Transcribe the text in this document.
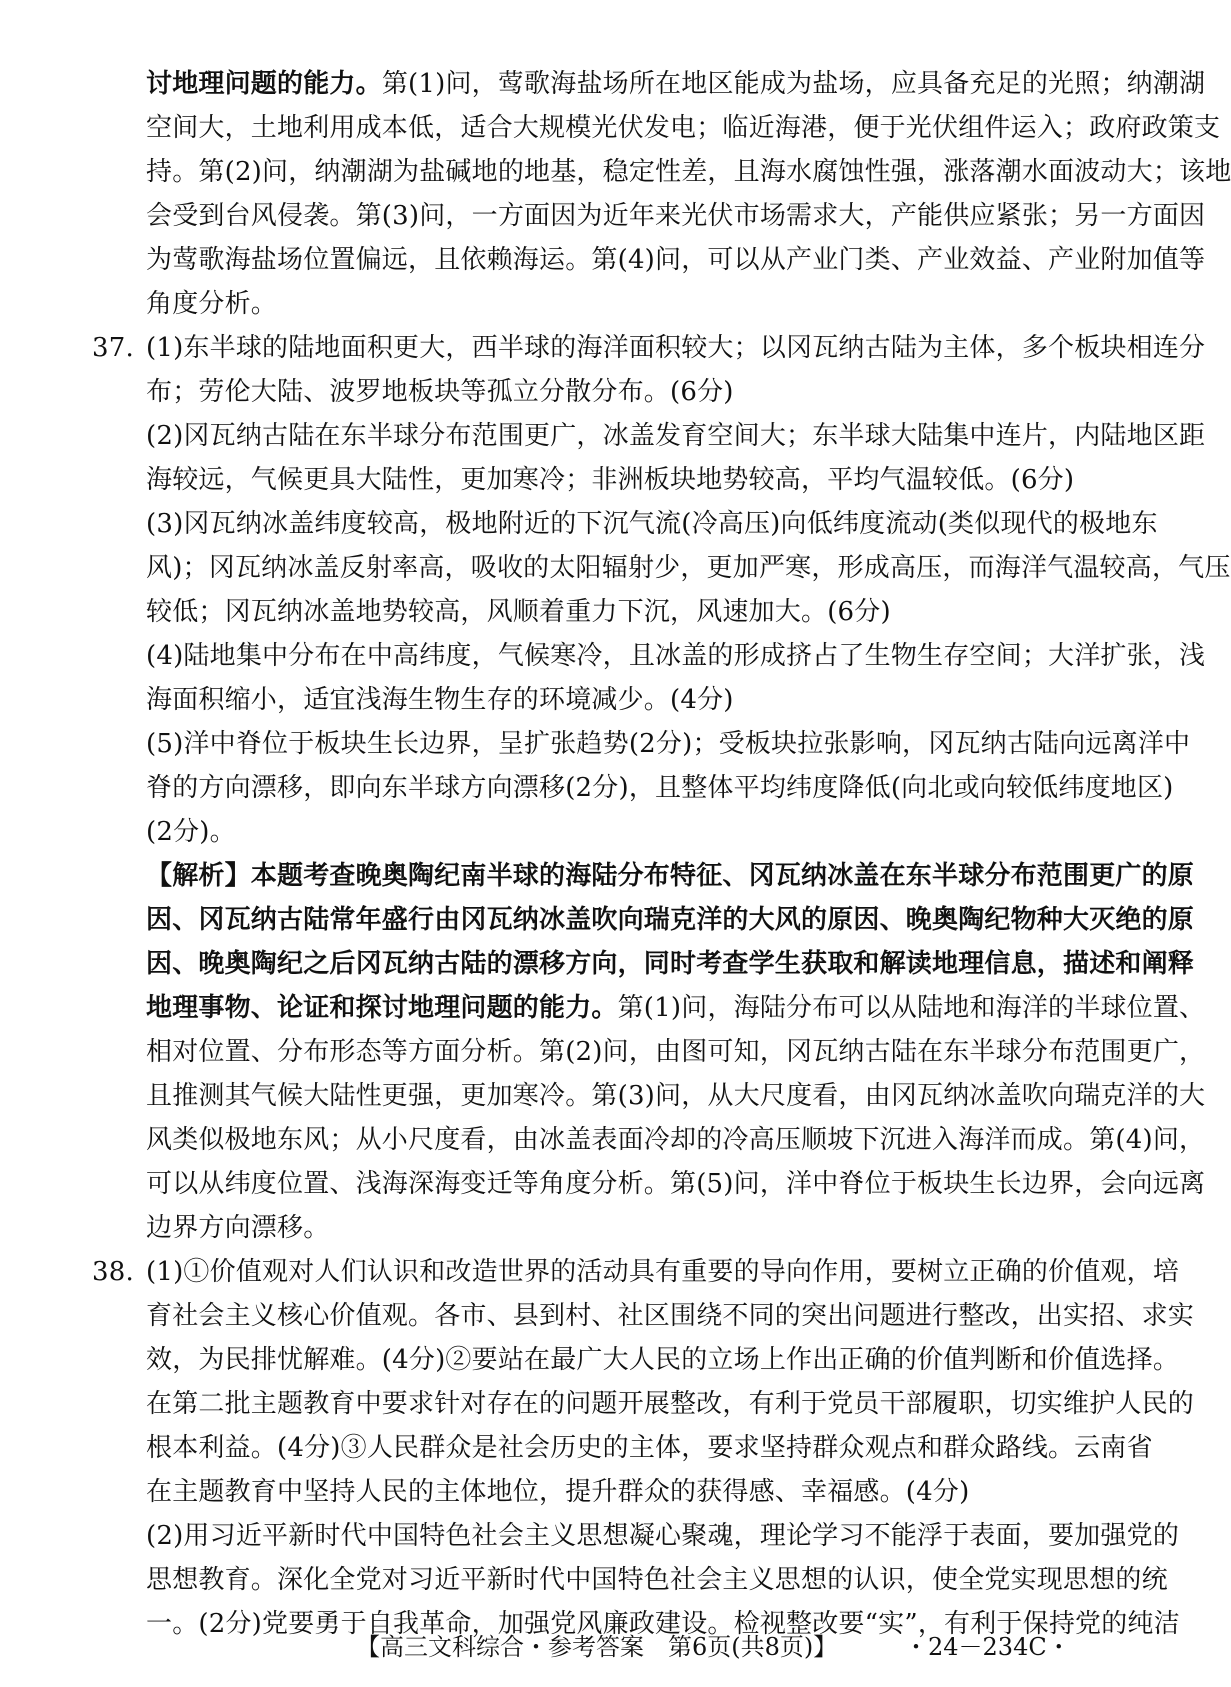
讨地理问题的能力。第(1)问，莺歌海盐场所在地区能成为盐场，应具备充足的光照；纳潮湖
空间大，土地利用成本低，适合大规模光伏发电；临近海港，便于光伏组件运入；政府政策支
持。第(2)问，纳潮湖为盐碱地的地基，稳定性差，且海水腐蚀性强，涨落潮水面波动大；该地
会受到台风侵袭。第(3)问，一方面因为近年来光伏市场需求大，产能供应紧张；另一方面因
为莺歌海盐场位置偏远，且依赖海运。第(4)问，可以从产业门类、产业效益、产业附加值等
角度分析。
37. (1)东半球的陆地面积更大，西半球的海洋面积较大；以冈瓦纳古陆为主体，多个板块相连分
布；劳伦大陆、波罗地板块等孤立分散分布。(6分)
(2)冈瓦纳古陆在东半球分布范围更广，冰盖发育空间大；东半球大陆集中连片，内陆地区距
海较远，气候更具大陆性，更加寒冷；非洲板块地势较高，平均气温较低。(6分)
(3)冈瓦纳冰盖纬度较高，极地附近的下沉气流(冷高压)向低纬度流动(类似现代的极地东
风)；冈瓦纳冰盖反射率高，吸收的太阳辐射少，更加严寒，形成高压，而海洋气温较高，气压
较低；冈瓦纳冰盖地势较高，风顺着重力下沉，风速加大。(6分)
(4)陆地集中分布在中高纬度，气候寒冷，且冰盖的形成挤占了生物生存空间；大洋扩张，浅
海面积缩小，适宜浅海生物生存的环境减少。(4分)
(5)洋中脊位于板块生长边界，呈扩张趋势(2分)；受板块拉张影响，冈瓦纳古陆向远离洋中
脊的方向漂移，即向东半球方向漂移(2分)，且整体平均纬度降低(向北或向较低纬度地区)
(2分)。
【解析】本题考查晚奥陶纪南半球的海陆分布特征、冈瓦纳冰盖在东半球分布范围更广的原
因、冈瓦纳古陆常年盛行由冈瓦纳冰盖吹向瑞克洋的大风的原因、晚奥陶纪物种大灭绝的原
因、晚奥陶纪之后冈瓦纳古陆的漂移方向，同时考查学生获取和解读地理信息，描述和阐释
地理事物、论证和探讨地理问题的能力。第(1)问，海陆分布可以从陆地和海洋的半球位置、
相对位置、分布形态等方面分析。第(2)问，由图可知，冈瓦纳古陆在东半球分布范围更广，
且推测其气候大陆性更强，更加寒冷。第(3)问，从大尺度看，由冈瓦纳冰盖吹向瑞克洋的大
风类似极地东风；从小尺度看，由冰盖表面冷却的冷高压顺坡下沉进入海洋而成。第(4)问，
可以从纬度位置、浅海深海变迁等角度分析。第(5)问，洋中脊位于板块生长边界，会向远离
边界方向漂移。
38. (1)①价值观对人们认识和改造世界的活动具有重要的导向作用，要树立正确的价值观，培
育社会主义核心价值观。各市、县到村、社区围绕不同的突出问题进行整改，出实招、求实
效，为民排忧解难。(4分)②要站在最广大人民的立场上作出正确的价值判断和价值选择。
在第二批主题教育中要求针对存在的问题开展整改，有利于党员干部履职，切实维护人民的
根本利益。(4分)③人民群众是社会历史的主体，要求坚持群众观点和群众路线。云南省
在主题教育中坚持人民的主体地位，提升群众的获得感、幸福感。(4分)
(2)用习近平新时代中国特色社会主义思想凝心聚魂，理论学习不能浮于表面，要加强党的
思想教育。深化全党对习近平新时代中国特色社会主义思想的认识，使全党实现思想的统
一。(2分)党要勇于自我革命，加强党风廉政建设。检视整改要“实”，有利于保持党的纯洁
【高三文科综合・参考答案　第6页(共8页)】	・24－234C・
